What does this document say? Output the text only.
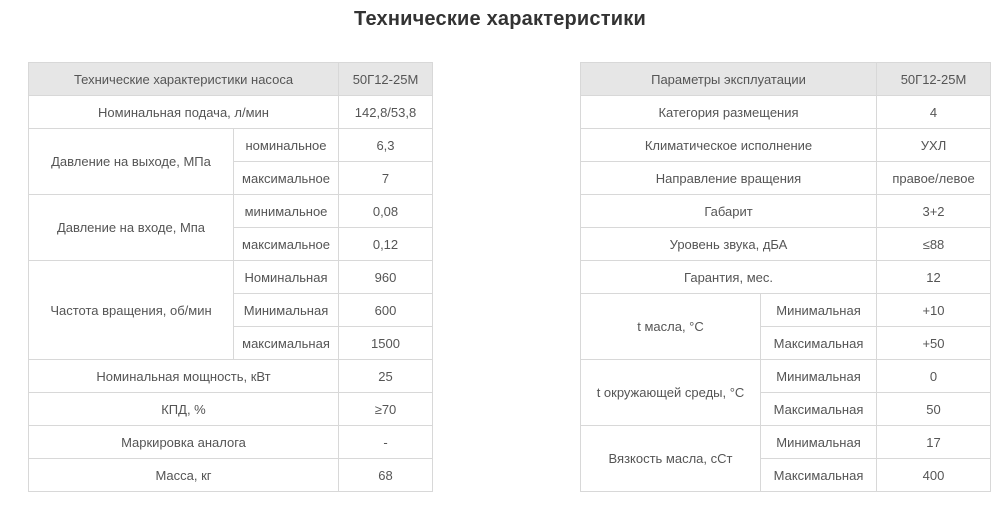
Технические характеристики
Технические характеристики насоса		50Г12-25М
Номинальная подача, л/мин		142,8/53,8
Давление на выходе, МПа	номинальное	6,3
	максимальное	7
Давление на входе, Мпа	минимальное	0,08
	максимальное	0,12
Частота вращения, об/мин	Номинальная	960
	Минимальная	600
	максимальная	1500
Номинальная мощность, кВт		25
КПД, %		≥70
Маркировка аналога		-
Масса, кг		68
Параметры эксплуатации		50Г12-25М
Категория размещения		4
Климатическое исполнение		УХЛ
Направление вращения		правое/левое
Габарит		3+2
Уровень звука, дБА		≤88
Гарантия, мес.		12
t масла, °C	Минимальная	+10
	Максимальная	+50
t окружающей среды, °C	Минимальная	0
	Максимальная	50
Вязкость масла, сСт	Минимальная	17
	Максимальная	400
